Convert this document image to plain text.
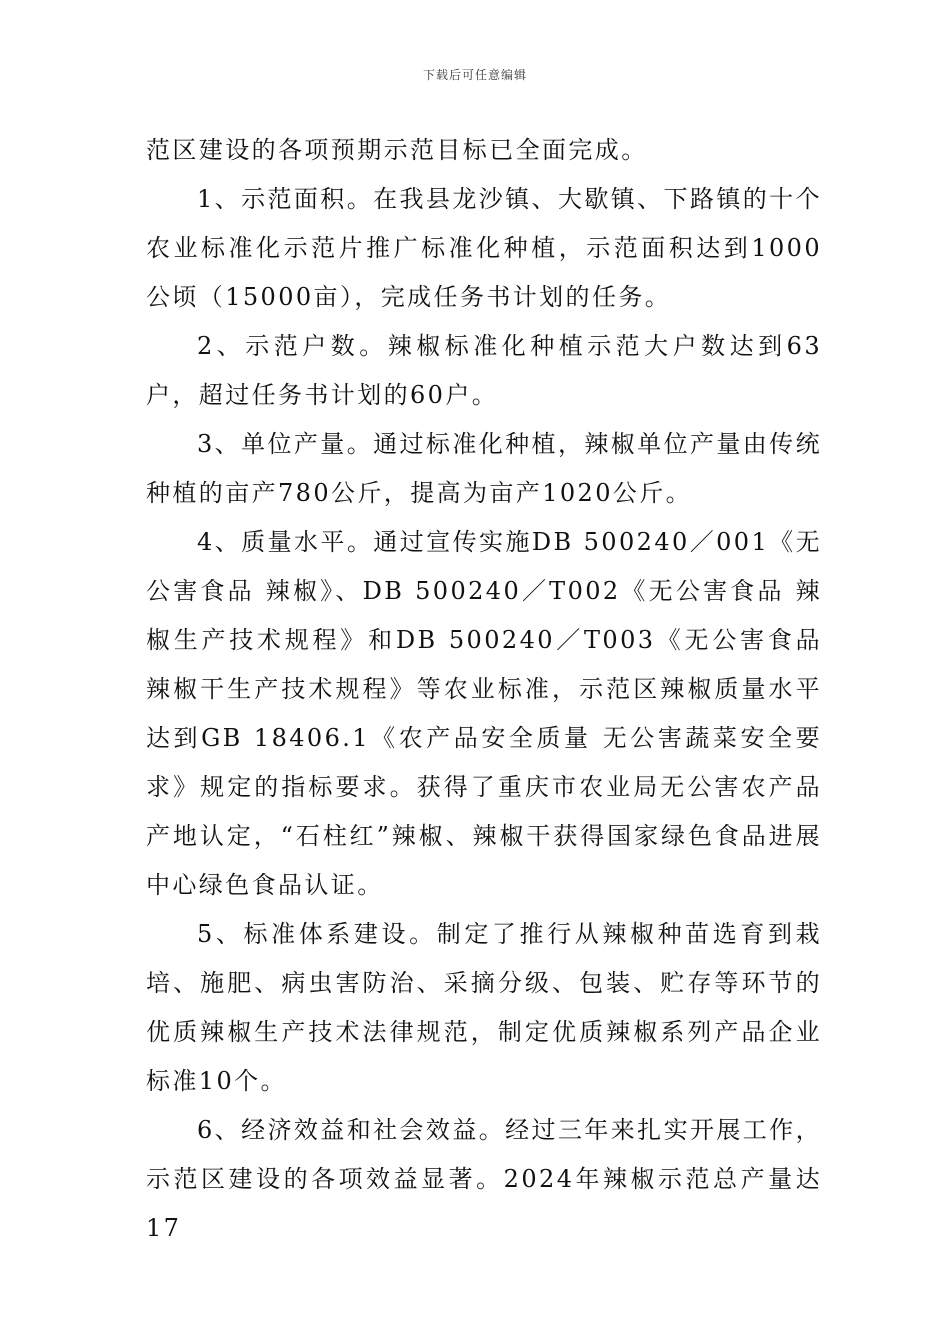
下载后可任意编辑

范区建设的各项预期示范目标已全面完成。

1、示范面积。在我县龙沙镇、大歇镇、下路镇的十个农业标准化示范片推广标准化种植，示范面积达到1000公顷（15000亩），完成任务书计划的任务。

2、示范户数。辣椒标准化种植示范大户数达到63户，超过任务书计划的60户。

3、单位产量。通过标准化种植，辣椒单位产量由传统种植的亩产780公斤，提高为亩产1020公斤。

4、质量水平。通过宣传实施DB 500240／001《无公害食品 辣椒》、DB 500240／T002《无公害食品 辣椒生产技术规程》和DB 500240／T003《无公害食品 辣椒干生产技术规程》等农业标准，示范区辣椒质量水平达到GB 18406.1《农产品安全质量 无公害蔬菜安全要求》规定的指标要求。获得了重庆市农业局无公害农产品产地认定，“石柱红”辣椒、辣椒干获得国家绿色食品进展中心绿色食品认证。

5、标准体系建设。制定了推行从辣椒种苗选育到栽培、施肥、病虫害防治、采摘分级、包装、贮存等环节的优质辣椒生产技术法律规范，制定优质辣椒系列产品企业标准10个。

6、经济效益和社会效益。经过三年来扎实开展工作，示范区建设的各项效益显著。2024年辣椒示范总产量达17
